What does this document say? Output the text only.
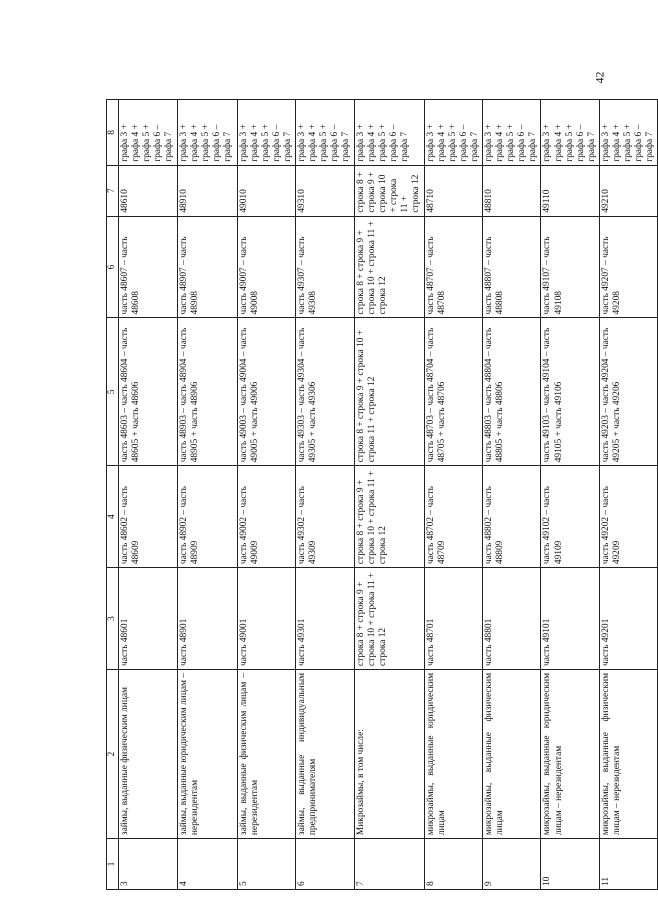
42
1	2	3	4	5	6	7	8
3	займы, выданные физическим лицам	часть 48601	часть 48602 – часть 48609	часть 48603 – часть 48604 – часть 48605 + часть 48606	часть 48607 – часть 48608	48610	графа 3 + графа 4 + графа 5 + графа 6 – графа 7
4	займы, выданные юридическим лицам – нерезидентам	часть 48901	часть 48902 – часть 48909	часть 48903 – часть 48904 – часть 48905 + часть 48906	часть 48907 – часть 48908	48910	графа 3 + графа 4 + графа 5 + графа 6 – графа 7
5	займы, выданные физическим лицам – нерезидентам	часть 49001	часть 49002 – часть 49009	часть 49003 – часть 49004 – часть 49005 + часть 49006	часть 49007 – часть 49008	49010	графа 3 + графа 4 + графа 5 + графа 6 – графа 7
6	займы, выданные индивидуальным предпринимателям	часть 49301	часть 49302 – часть 49309	часть 49303 – часть 49304 – часть 49305 + часть 49306	часть 49307 – часть 49308	49310	графа 3 + графа 4 + графа 5 + графа 6 – графа 7
7	Микрозаймы, в том числе:	строка 8 + строка 9 + строка 10 + строка 11 + строка 12	строка 8 + строка 9 + строка 10 + строка 11 + строка 12	строка 8 + строка 9 + строка 10 + строка 11 + строка 12	строка 8 + строка 9 + строка 10 + строка 11 + строка 12	строка 8 + строка 9 + строка 10 + строка 11 + строка 12	графа 3 + графа 4 + графа 5 + графа 6 – графа 7
8	микрозаймы, выданные юридическим лицам	часть 48701	часть 48702 – часть 48709	часть 48703 – часть 48704 – часть 48705 + часть 48706	часть 48707 – часть 48708	48710	графа 3 + графа 4 + графа 5 + графа 6 – графа 7
9	микрозаймы, выданные физическим лицам	часть 48801	часть 48802 – часть 48809	часть 48803 – часть 48804 – часть 48805 + часть 48806	часть 48807 – часть 48808	48810	графа 3 + графа 4 + графа 5 + графа 6 – графа 7
10	микрозаймы, выданные юридическим лицам – нерезидентам	часть 49101	часть 49102 – часть 49109	часть 49103 – часть 49104 – часть 49105 + часть 49106	часть 49107 – часть 49108	49110	графа 3 + графа 4 + графа 5 + графа 6 – графа 7
11	микрозаймы, выданные физическим лицам – нерезидентам	часть 49201	часть 49202 – часть 49209	часть 49203 – часть 49204 – часть 49205 + часть 49206	часть 49207 – часть 49208	49210	графа 3 + графа 4 + графа 5 + графа 6 – графа 7
